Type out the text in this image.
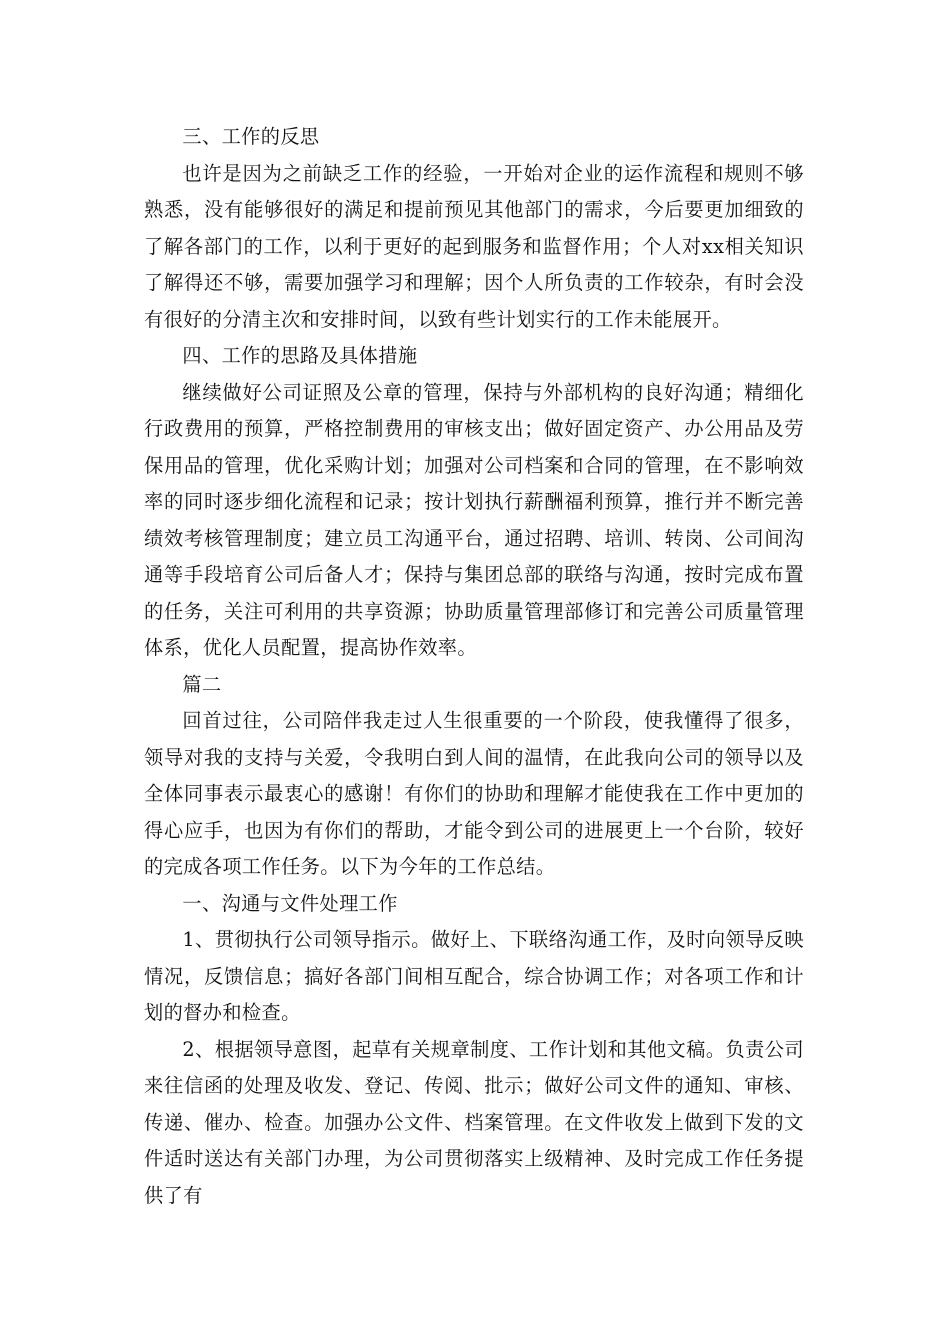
三、工作的反思

也许是因为之前缺乏工作的经验，一开始对企业的运作流程和规则不够熟悉，没有能够很好的满足和提前预见其他部门的需求，今后要更加细致的了解各部门的工作，以利于更好的起到服务和监督作用；个人对xx相关知识了解得还不够，需要加强学习和理解；因个人所负责的工作较杂，有时会没有很好的分清主次和安排时间，以致有些计划实行的工作未能展开。

四、工作的思路及具体措施

继续做好公司证照及公章的管理，保持与外部机构的良好沟通；精细化行政费用的预算，严格控制费用的审核支出；做好固定资产、办公用品及劳保用品的管理，优化采购计划；加强对公司档案和合同的管理，在不影响效率的同时逐步细化流程和记录；按计划执行薪酬福利预算，推行并不断完善绩效考核管理制度；建立员工沟通平台，通过招聘、培训、转岗、公司间沟通等手段培育公司后备人才；保持与集团总部的联络与沟通，按时完成布置的任务，关注可利用的共享资源；协助质量管理部修订和完善公司质量管理体系，优化人员配置，提高协作效率。

篇二

回首过往，公司陪伴我走过人生很重要的一个阶段，使我懂得了很多，领导对我的支持与关爱，令我明白到人间的温情，在此我向公司的领导以及全体同事表示最衷心的感谢！有你们的协助和理解才能使我在工作中更加的得心应手，也因为有你们的帮助，才能令到公司的进展更上一个台阶，较好的完成各项工作任务。以下为今年的工作总结。

一、沟通与文件处理工作

1、贯彻执行公司领导指示。做好上、下联络沟通工作，及时向领导反映情况，反馈信息；搞好各部门间相互配合，综合协调工作；对各项工作和计划的督办和检查。

2、根据领导意图，起草有关规章制度、工作计划和其他文稿。负责公司来往信函的处理及收发、登记、传阅、批示；做好公司文件的通知、审核、传递、催办、检查。加强办公文件、档案管理。在文件收发上做到下发的文件适时送达有关部门办理，为公司贯彻落实上级精神、及时完成工作任务提供了有
